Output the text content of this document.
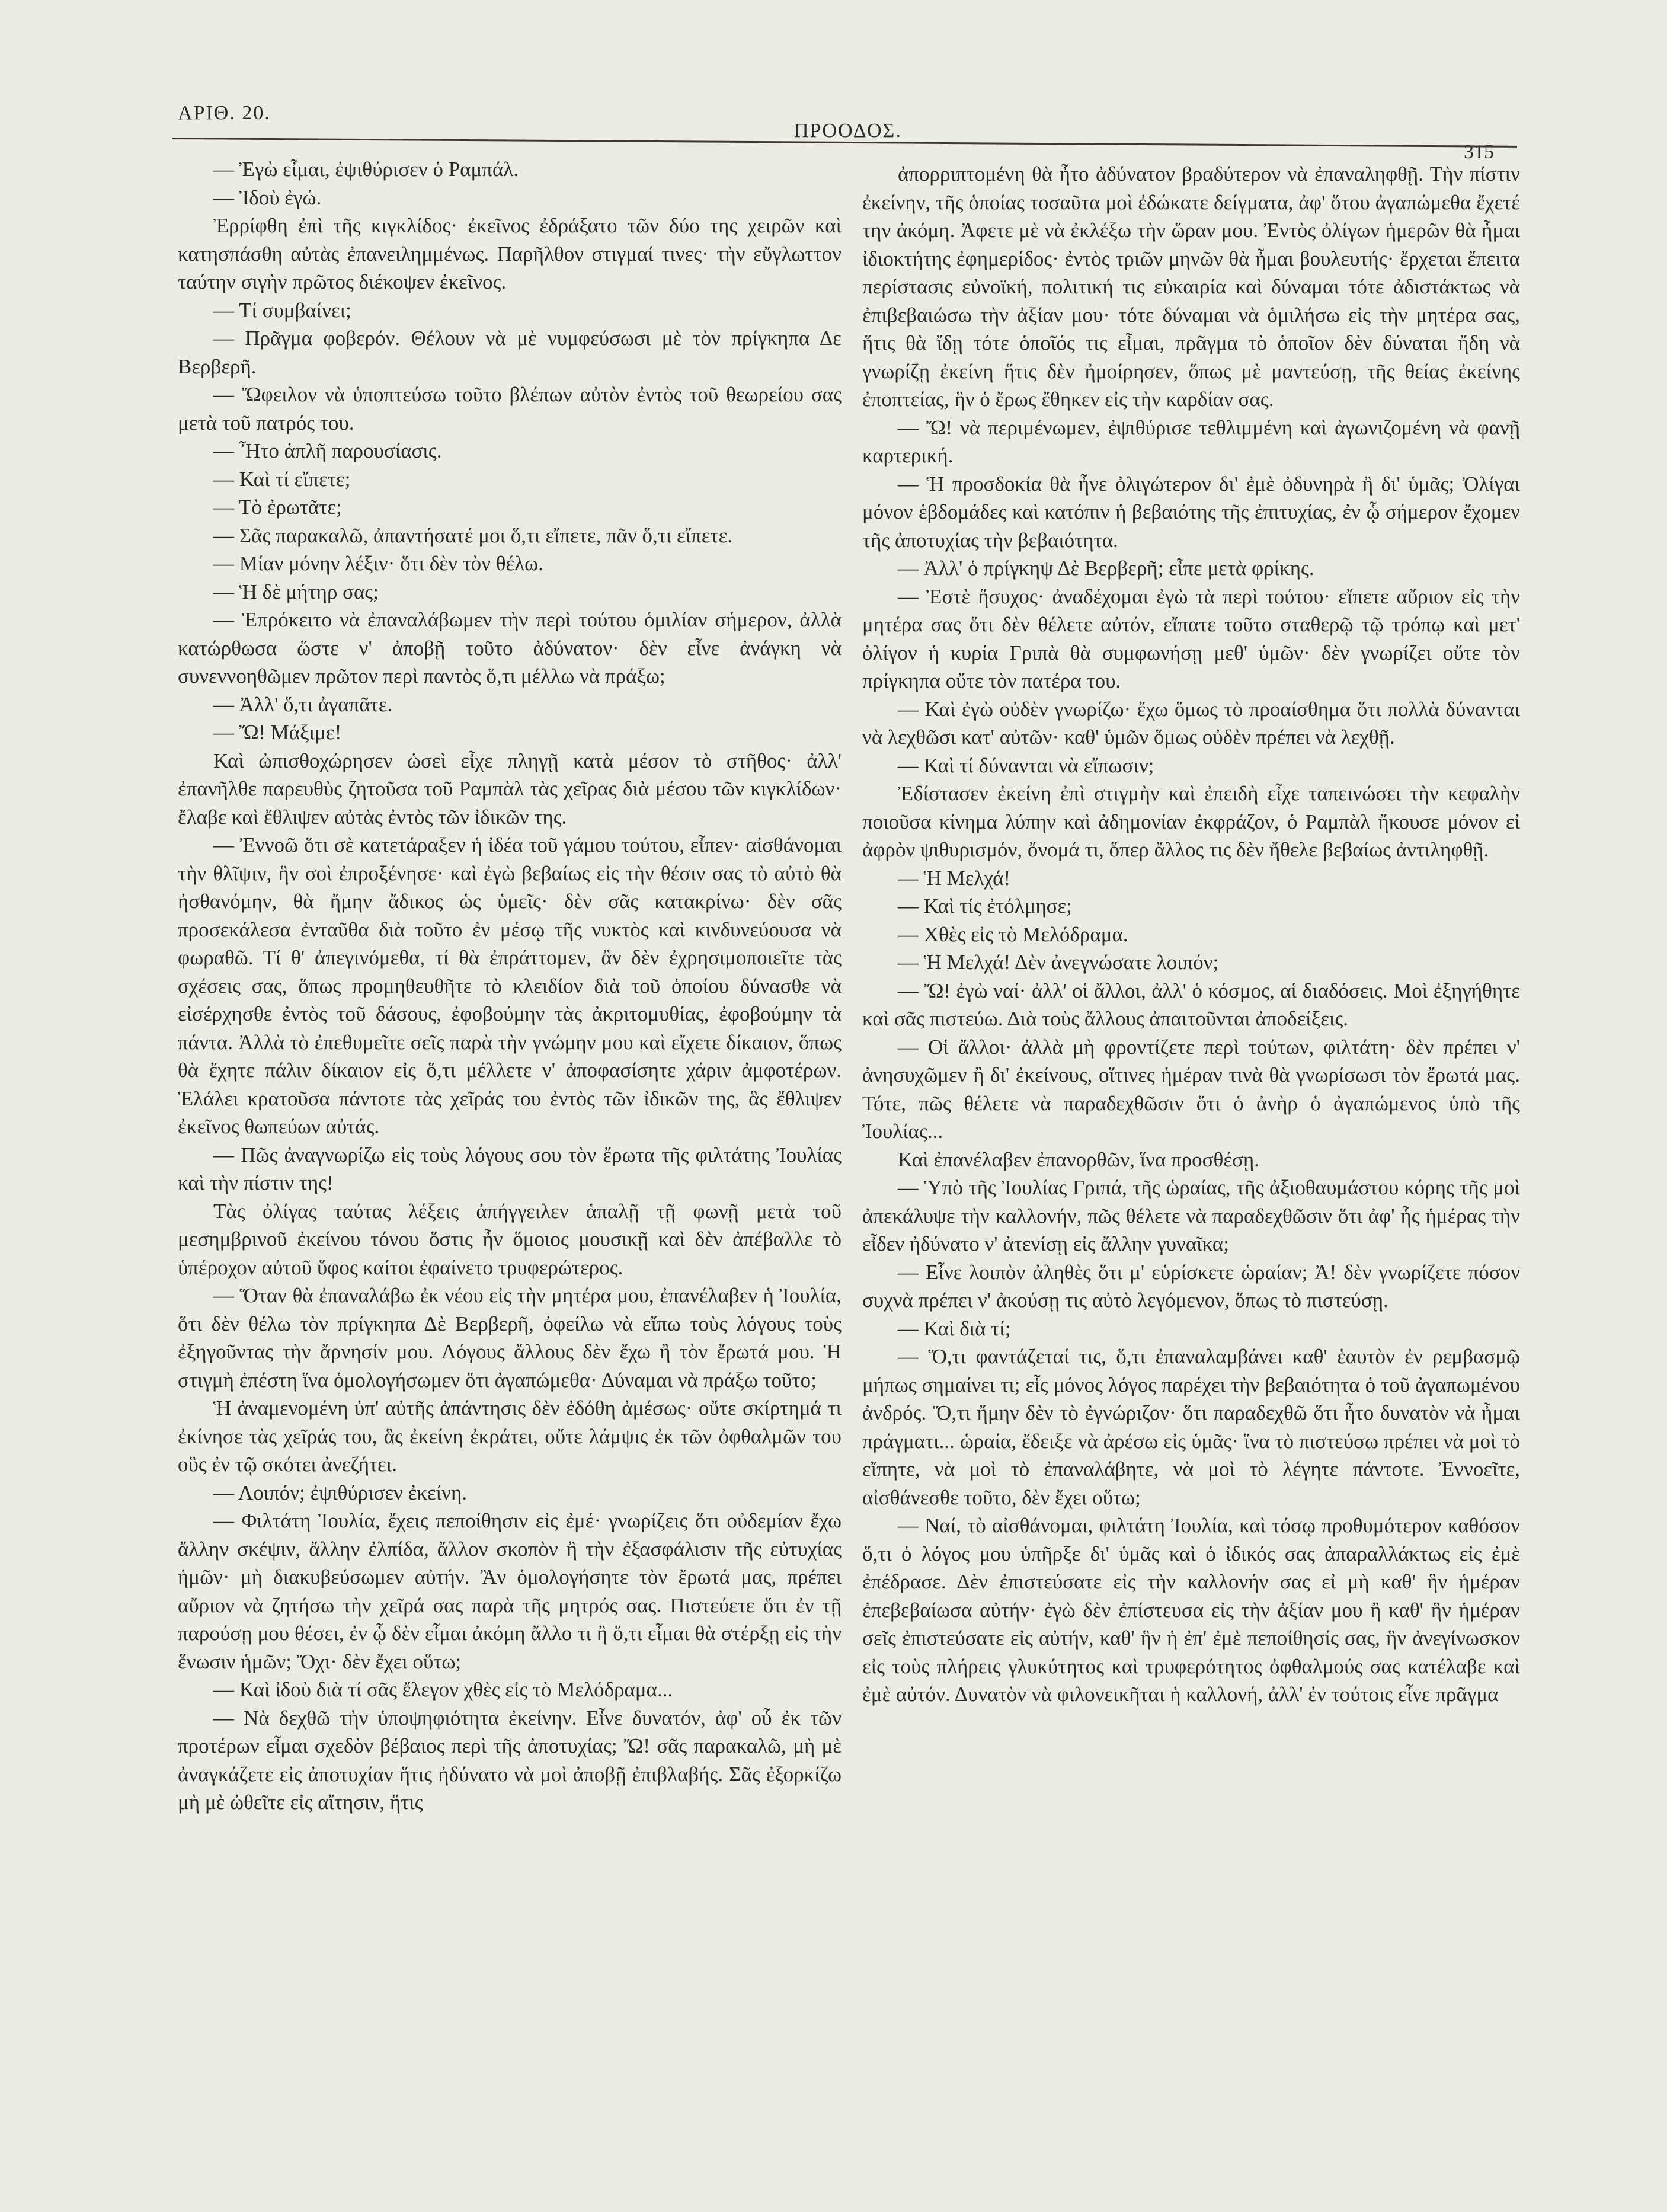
ΑΡΙΘ. 20.
ΠΡΟΟΔΟΣ.
315

— Ἐγὼ εἶμαι, ἐψιθύρισεν ὁ Ραμπάλ.

— Ἰδοὺ ἐγώ.

Ἐρρίφθη ἐπὶ τῆς κιγκλίδος· ἐκεῖνος ἐδράξατο τῶν δύο της χειρῶν καὶ κατησπάσθη αὐτὰς ἐπανειλημμένως. Παρῆλθον στιγμαί τινες· τὴν εὔγλωττον ταύτην σιγὴν πρῶτος διέκοψεν ἐκεῖνος.

— Τί συμβαίνει;

— Πρᾶγμα φοβερόν. Θέλουν νὰ μὲ νυμφεύσωσι μὲ τὸν πρίγκηπα Δε Βερβερῆ.

— Ὤφειλον νὰ ὑποπτεύσω τοῦτο βλέπων αὐτὸν ἐντὸς τοῦ θεωρείου σας μετὰ τοῦ πατρός του.

— Ἦτο ἁπλῆ παρουσίασις.

— Καὶ τί εἴπετε;

— Τὸ ἐρωτᾶτε;

— Σᾶς παρακαλῶ, ἀπαντήσατέ μοι ὅ,τι εἴπετε, πᾶν ὅ,τι εἴπετε.

— Μίαν μόνην λέξιν· ὅτι δὲν τὸν θέλω.

— Ἡ δὲ μήτηρ σας;

— Ἐπρόκειτο νὰ ἐπαναλάβωμεν τὴν περὶ τούτου ὁμιλίαν σήμερον, ἀλλὰ κατώρθωσα ὥστε ν' ἀποβῇ τοῦτο ἀδύνατον· δὲν εἶνε ἀνάγκη νὰ συνεννοηθῶμεν πρῶτον περὶ παντὸς ὅ,τι μέλλω νὰ πράξω;

— Ἀλλ' ὅ,τι ἀγαπᾶτε.

— Ὤ! Μάξιμε!

Καὶ ὠπισθοχώρησεν ὡσεὶ εἶχε πληγῇ κατὰ μέσον τὸ στῆθος· ἀλλ' ἐπανῆλθε παρευθὺς ζητοῦσα τοῦ Ραμπὰλ τὰς χεῖρας διὰ μέσου τῶν κιγκλίδων· ἔλαβε καὶ ἔθλιψεν αὐτὰς ἐντὸς τῶν ἰδικῶν της.

— Ἐννοῶ ὅτι σὲ κατετάραξεν ἡ ἰδέα τοῦ γάμου τούτου, εἶπεν· αἰσθάνομαι τὴν θλῖψιν, ἣν σοὶ ἐπροξένησε· καὶ ἐγὼ βεβαίως εἰς τὴν θέσιν σας τὸ αὐτὸ θὰ ἠσθανόμην, θὰ ἤμην ἄδικος ὡς ὑμεῖς· δὲν σᾶς κατακρίνω· δὲν σᾶς προσεκάλεσα ἐνταῦθα διὰ τοῦτο ἐν μέσῳ τῆς νυκτὸς καὶ κινδυνεύουσα νὰ φωραθῶ. Τί θ' ἀπεγινόμεθα, τί θὰ ἐπράττομεν, ἂν δὲν ἐχρησιμοποιεῖτε τὰς σχέσεις σας, ὅπως προμηθευθῆτε τὸ κλειδίον διὰ τοῦ ὁποίου δύνασθε νὰ εἰσέρχησθε ἐντὸς τοῦ δάσους, ἐφοβούμην τὰς ἀκριτομυθίας, ἐφοβούμην τὰ πάντα. Ἀλλὰ τὸ ἐπεθυμεῖτε σεῖς παρὰ τὴν γνώμην μου καὶ εἴχετε δίκαιον, ὅπως θὰ ἔχητε πάλιν δίκαιον εἰς ὅ,τι μέλλετε ν' ἀποφασίσητε χάριν ἀμφοτέρων. Ἐλάλει κρατοῦσα πάντοτε τὰς χεῖράς του ἐντὸς τῶν ἰδικῶν της, ἃς ἔθλιψεν ἐκεῖνος θωπεύων αὐτάς.

— Πῶς ἀναγνωρίζω εἰς τοὺς λόγους σου τὸν ἔρωτα τῆς φιλτάτης Ἰουλίας καὶ τὴν πίστιν της!

Τὰς ὀλίγας ταύτας λέξεις ἀπήγγειλεν ἁπαλῇ τῇ φωνῇ μετὰ τοῦ μεσημβρινοῦ ἐκείνου τόνου ὅστις ἦν ὅμοιος μουσικῇ καὶ δὲν ἀπέβαλλε τὸ ὑπέροχον αὐτοῦ ὕφος καίτοι ἐφαίνετο τρυφερώτερος.

— Ὅταν θὰ ἐπαναλάβω ἐκ νέου εἰς τὴν μητέρα μου, ἐπανέλαβεν ἡ Ἰουλία, ὅτι δὲν θέλω τὸν πρίγκηπα Δὲ Βερβερῆ, ὀφείλω νὰ εἴπω τοὺς λόγους τοὺς ἐξηγοῦντας τὴν ἄρνησίν μου. Λόγους ἄλλους δὲν ἔχω ἢ τὸν ἔρωτά μου. Ἡ στιγμὴ ἐπέστη ἵνα ὁμολογήσωμεν ὅτι ἀγαπώμεθα· Δύναμαι νὰ πράξω τοῦτο;

Ἡ ἀναμενομένη ὑπ' αὐτῆς ἀπάντησις δὲν ἐδόθη ἀμέσως· οὔτε σκίρτημά τι ἐκίνησε τὰς χεῖράς του, ἃς ἐκείνη ἐκράτει, οὔτε λάμψις ἐκ τῶν ὀφθαλμῶν του οὓς ἐν τῷ σκότει ἀνεζήτει.

— Λοιπόν; ἐψιθύρισεν ἐκείνη.

— Φιλτάτη Ἰουλία, ἔχεις πεποίθησιν εἰς ἐμέ· γνωρίζεις ὅτι οὐδεμίαν ἔχω ἄλλην σκέψιν, ἄλλην ἐλπίδα, ἄλλον σκοπὸν ἢ τὴν ἐξασφάλισιν τῆς εὐτυχίας ἡμῶν· μὴ διακυβεύσωμεν αὐτήν. Ἂν ὁμολογήσητε τὸν ἔρωτά μας, πρέπει αὔριον νὰ ζητήσω τὴν χεῖρά σας παρὰ τῆς μητρός σας. Πιστεύετε ὅτι ἐν τῇ παρούσῃ μου θέσει, ἐν ᾧ δὲν εἶμαι ἀκόμη ἄλλο τι ἢ ὅ,τι εἶμαι θὰ στέρξῃ εἰς τὴν ἕνωσιν ἡμῶν; Ὄχι· δὲν ἔχει οὕτω;

— Καὶ ἰδοὺ διὰ τί σᾶς ἔλεγον χθὲς εἰς τὸ Μελόδραμα...

— Νὰ δεχθῶ τὴν ὑποψηφιότητα ἐκείνην. Εἶνε δυνατόν, ἀφ' οὗ ἐκ τῶν προτέρων εἶμαι σχεδὸν βέβαιος περὶ τῆς ἀποτυχίας; Ὤ! σᾶς παρακαλῶ, μὴ μὲ ἀναγκάζετε εἰς ἀποτυχίαν ἥτις ἠδύνατο νὰ μοὶ ἀποβῇ ἐπιβλαβής. Σᾶς ἐξορκίζω μὴ μὲ ὠθεῖτε εἰς αἴτησιν, ἥτις

ἀπορριπτομένη θὰ ἦτο ἀδύνατον βραδύτερον νὰ ἐπαναληφθῇ. Τὴν πίστιν ἐκείνην, τῆς ὁποίας τοσαῦτα μοὶ ἐδώκατε δείγματα, ἀφ' ὅτου ἀγαπώμεθα ἔχετέ την ἀκόμη. Ἀφετε μὲ νὰ ἐκλέξω τὴν ὥραν μου. Ἐντὸς ὀλίγων ἡμερῶν θὰ ἦμαι ἰδιοκτήτης ἐφημερίδος· ἐντὸς τριῶν μηνῶν θὰ ἦμαι βουλευτής· ἔρχεται ἔπειτα περίστασις εὐνοϊκή, πολιτική τις εὐκαιρία καὶ δύναμαι τότε ἀδιστάκτως νὰ ἐπιβεβαιώσω τὴν ἀξίαν μου· τότε δύναμαι νὰ ὁμιλήσω εἰς τὴν μητέρα σας, ἥτις θὰ ἴδῃ τότε ὁποῖός τις εἶμαι, πρᾶγμα τὸ ὁποῖον δὲν δύναται ἤδη νὰ γνωρίζῃ ἐκείνη ἥτις δὲν ἠμοίρησεν, ὅπως μὲ μαντεύσῃ, τῆς θείας ἐκείνης ἐποπτείας, ἣν ὁ ἔρως ἔθηκεν εἰς τὴν καρδίαν σας.

— Ὤ! νὰ περιμένωμεν, ἐψιθύρισε τεθλιμμένη καὶ ἀγωνιζομένη νὰ φανῇ καρτερική.

— Ἡ προσδοκία θὰ ἦνε ὀλιγώτερον δι' ἐμὲ ὀδυνηρὰ ἢ δι' ὑμᾶς; Ὀλίγαι μόνον ἑβδομάδες καὶ κατόπιν ἡ βεβαιότης τῆς ἐπιτυχίας, ἐν ᾧ σήμερον ἔχομεν τῆς ἀποτυχίας τὴν βεβαιότητα.

— Ἀλλ' ὁ πρίγκηψ Δὲ Βερβερῆ; εἶπε μετὰ φρίκης.

— Ἐστὲ ἥσυχος· ἀναδέχομαι ἐγὼ τὰ περὶ τούτου· εἴπετε αὔριον εἰς τὴν μητέρα σας ὅτι δὲν θέλετε αὐτόν, εἴπατε τοῦτο σταθερῷ τῷ τρόπῳ καὶ μετ' ὀλίγον ἡ κυρία Γριπὰ θὰ συμφωνήσῃ μεθ' ὑμῶν· δὲν γνωρίζει οὔτε τὸν πρίγκηπα οὔτε τὸν πατέρα του.

— Καὶ ἐγὼ οὐδὲν γνωρίζω· ἔχω ὅμως τὸ προαίσθημα ὅτι πολλὰ δύνανται νὰ λεχθῶσι κατ' αὐτῶν· καθ' ὑμῶν ὅμως οὐδὲν πρέπει νὰ λεχθῇ.

— Καὶ τί δύνανται νὰ εἴπωσιν;

Ἐδίστασεν ἐκείνη ἐπὶ στιγμὴν καὶ ἐπειδὴ εἶχε ταπεινώσει τὴν κεφαλὴν ποιοῦσα κίνημα λύπην καὶ ἀδημονίαν ἐκφράζον, ὁ Ραμπὰλ ἤκουσε μόνον εἰ ἀφρὸν ψιθυρισμόν, ὄνομά τι, ὅπερ ἄλλος τις δὲν ἤθελε βεβαίως ἀντιληφθῇ.

— Ἡ Μελχά!

— Καὶ τίς ἐτόλμησε;

— Χθὲς εἰς τὸ Μελόδραμα.

— Ἡ Μελχά! Δὲν ἀνεγνώσατε λοιπόν;

— Ὤ! ἐγὼ ναί· ἀλλ' οἱ ἄλλοι, ἀλλ' ὁ κόσμος, αἱ διαδόσεις. Μοὶ ἐξηγήθητε καὶ σᾶς πιστεύω. Διὰ τοὺς ἄλλους ἀπαιτοῦνται ἀποδείξεις.

— Οἱ ἄλλοι· ἀλλὰ μὴ φροντίζετε περὶ τούτων, φιλτάτη· δὲν πρέπει ν' ἀνησυχῶμεν ἢ δι' ἐκείνους, οἵτινες ἡμέραν τινὰ θὰ γνωρίσωσι τὸν ἔρωτά μας. Τότε, πῶς θέλετε νὰ παραδεχθῶσιν ὅτι ὁ ἀνὴρ ὁ ἀγαπώμενος ὑπὸ τῆς Ἰουλίας...

Καὶ ἐπανέλαβεν ἐπανορθῶν, ἵνα προσθέσῃ.

— Ὑπὸ τῆς Ἰουλίας Γριπά, τῆς ὡραίας, τῆς ἀξιοθαυμάστου κόρης τῆς μοὶ ἀπεκάλυψε τὴν καλλονήν, πῶς θέλετε νὰ παραδεχθῶσιν ὅτι ἀφ' ἧς ἡμέρας τὴν εἶδεν ἠδύνατο ν' ἀτενίσῃ εἰς ἄλλην γυναῖκα;

— Εἶνε λοιπὸν ἀληθὲς ὅτι μ' εὑρίσκετε ὡραίαν; Ἀ! δὲν γνωρίζετε πόσον συχνὰ πρέπει ν' ἀκούσῃ τις αὐτὸ λεγόμενον, ὅπως τὸ πιστεύσῃ.

— Καὶ διὰ τί;

— Ὅ,τι φαντάζεταί τις, ὅ,τι ἐπαναλαμβάνει καθ' ἑαυτὸν ἐν ρεμβασμῷ μήπως σημαίνει τι; εἷς μόνος λόγος παρέχει τὴν βεβαιότητα ὁ τοῦ ἀγαπωμένου ἀνδρός. Ὅ,τι ἤμην δὲν τὸ ἐγνώριζον· ὅτι παραδεχθῶ ὅτι ἦτο δυνατὸν νὰ ἦμαι πράγματι... ὡραία, ἔδειξε νὰ ἀρέσω εἰς ὑμᾶς· ἵνα τὸ πιστεύσω πρέπει νὰ μοὶ τὸ εἴπητε, νὰ μοὶ τὸ ἐπαναλάβητε, νὰ μοὶ τὸ λέγητε πάντοτε. Ἐννοεῖτε, αἰσθάνεσθε τοῦτο, δὲν ἔχει οὕτω;

— Ναί, τὸ αἰσθάνομαι, φιλτάτη Ἰουλία, καὶ τόσῳ προθυμότερον καθόσον ὅ,τι ὁ λόγος μου ὑπῆρξε δι' ὑμᾶς καὶ ὁ ἰδικός σας ἀπαραλλάκτως εἰς ἐμὲ ἐπέδρασε. Δὲν ἐπιστεύσατε εἰς τὴν καλλονήν σας εἰ μὴ καθ' ἣν ἡμέραν ἐπεβεβαίωσα αὐτήν· ἐγὼ δὲν ἐπίστευσα εἰς τὴν ἀξίαν μου ἢ καθ' ἣν ἡμέραν σεῖς ἐπιστεύσατε εἰς αὐτήν, καθ' ἣν ἡ ἐπ' ἐμὲ πεποίθησίς σας, ἣν ἀνεγίνωσκον εἰς τοὺς πλήρεις γλυκύτητος καὶ τρυφερότητος ὀφθαλμούς σας κατέλαβε καὶ ἐμὲ αὐτόν. Δυνατὸν νὰ φιλονεικῆται ἡ καλλονή, ἀλλ' ἐν τούτοις εἶνε πρᾶγμα
